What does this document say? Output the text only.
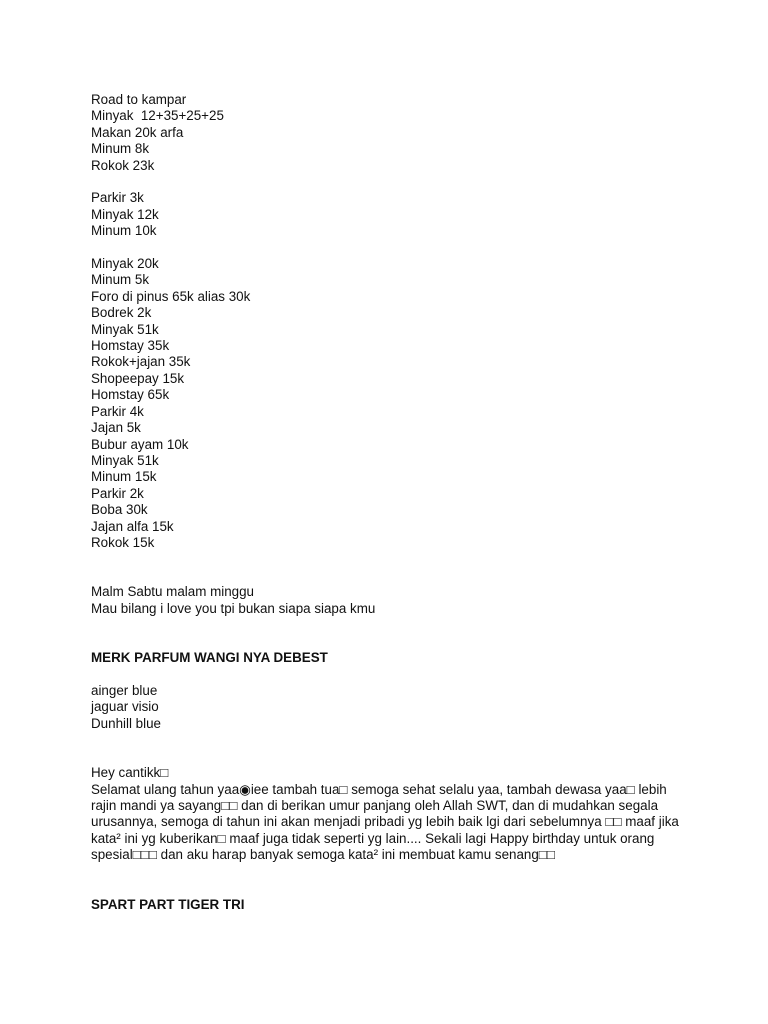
Road to kampar

Minyak  12+35+25+25

Makan 20k arfa

Minum 8k

Rokok 23k

Parkir 3k

Minyak 12k

Minum 10k

Minyak 20k

Minum 5k

Foro di pinus 65k alias 30k

Bodrek 2k

Minyak 51k

Homstay 35k

Rokok+jajan 35k

Shopeepay 15k

Homstay 65k

Parkir 4k

Jajan 5k

Bubur ayam 10k

Minyak 51k

Minum 15k

Parkir 2k

Boba 30k

Jajan alfa 15k

Rokok 15k

Malm Sabtu malam minggu

Mau bilang i love you tpi bukan siapa siapa kmu

MERK PARFUM WANGI NYA DEBEST

ainger blue

jaguar visio

Dunhill blue

Hey cantikk□

Selamat ulang tahun yaa◉iee tambah tua□ semoga sehat selalu yaa, tambah dewasa yaa□ lebih rajin mandi ya sayang□□ dan di berikan umur panjang oleh Allah SWT, dan di mudahkan segala urusannya, semoga di tahun ini akan menjadi pribadi yg lebih baik lgi dari sebelumnya □□ maaf jika kata² ini yg kuberikan□ maaf juga tidak seperti yg lain.... Sekali lagi Happy birthday untuk orang spesial□□□ dan aku harap banyak semoga kata² ini membuat kamu senang□□

SPART PART TIGER TRI
